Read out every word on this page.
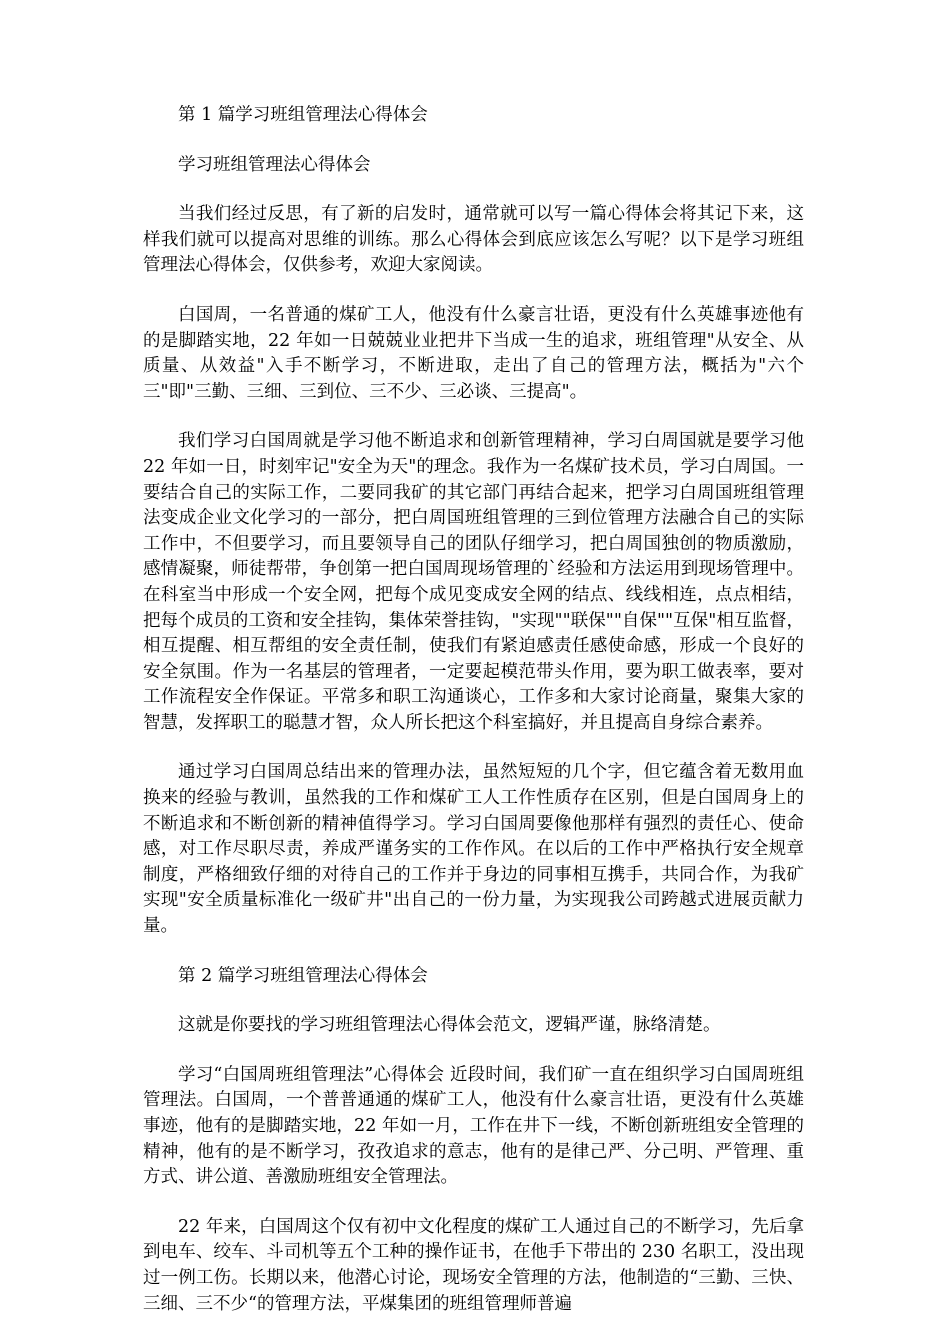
第 1 篇学习班组管理法心得体会

学习班组管理法心得体会

当我们经过反思，有了新的启发时，通常就可以写一篇心得体会将其记下来，这样我们就可以提高对思维的训练。那么心得体会到底应该怎么写呢？以下是学习班组管理法心得体会，仅供参考，欢迎大家阅读。

白国周，一名普通的煤矿工人，他没有什么豪言壮语，更没有什么英雄事迹他有的是脚踏实地，22 年如一日兢兢业业把井下当成一生的追求，班组管理"从安全、从质量、从效益"入手不断学习，不断进取，走出了自己的管理方法，概括为"六个三"即"三勤、三细、三到位、三不少、三必谈、三提高"。

我们学习白国周就是学习他不断追求和创新管理精神，学习白周国就是要学习他 22 年如一日，时刻牢记"安全为天"的理念。我作为一名煤矿技术员，学习白周国。一要结合自己的实际工作，二要同我矿的其它部门再结合起来，把学习白周国班组管理法变成企业文化学习的一部分，把白周国班组管理的三到位管理方法融合自己的实际工作中，不但要学习，而且要领导自己的团队仔细学习，把白周国独创的物质激励，感情凝聚，师徒帮带，争创第一把白国周现场管理的`经验和方法运用到现场管理中。在科室当中形成一个安全网，把每个成见变成安全网的结点、线线相连，点点相结，把每个成员的工资和安全挂钩，集体荣誉挂钩，"实现""联保""自保""互保"相互监督，相互提醒、相互帮组的安全责任制，使我们有紧迫感责任感使命感，形成一个良好的安全氛围。作为一名基层的管理者，一定要起模范带头作用，要为职工做表率，要对工作流程安全作保证。平常多和职工沟通谈心，工作多和大家讨论商量，聚集大家的智慧，发挥职工的聪慧才智，众人所长把这个科室搞好，并且提高自身综合素养。

通过学习白国周总结出来的管理办法，虽然短短的几个字，但它蕴含着无数用血换来的经验与教训，虽然我的工作和煤矿工人工作性质存在区别，但是白国周身上的不断追求和不断创新的精神值得学习。学习白国周要像他那样有强烈的责任心、使命感，对工作尽职尽责，养成严谨务实的工作作风。在以后的工作中严格执行安全规章制度，严格细致仔细的对待自己的工作并于身边的同事相互携手，共同合作，为我矿实现"安全质量标准化一级矿井"出自己的一份力量，为实现我公司跨越式进展贡献力量。

第 2 篇学习班组管理法心得体会

这就是你要找的学习班组管理法心得体会范文，逻辑严谨，脉络清楚。

学习“白国周班组管理法”心得体会 近段时间，我们矿一直在组织学习白国周班组管理法。白国周，一个普普通通的煤矿工人，他没有什么豪言壮语，更没有什么英雄事迹，他有的是脚踏实地，22 年如一月，工作在井下一线，不断创新班组安全管理的精神，他有的是不断学习，孜孜追求的意志，他有的是律己严、分己明、严管理、重方式、讲公道、善激励班组安全管理法。

22 年来，白国周这个仅有初中文化程度的煤矿工人通过自己的不断学习，先后拿到电车、绞车、斗司机等五个工种的操作证书，在他手下带出的 230 名职工，没出现过一例工伤。长期以来，他潜心讨论，现场安全管理的方法，他制造的“三勤、三快、三细、三不少“的管理方法，平煤集团的班组管理师普遍
